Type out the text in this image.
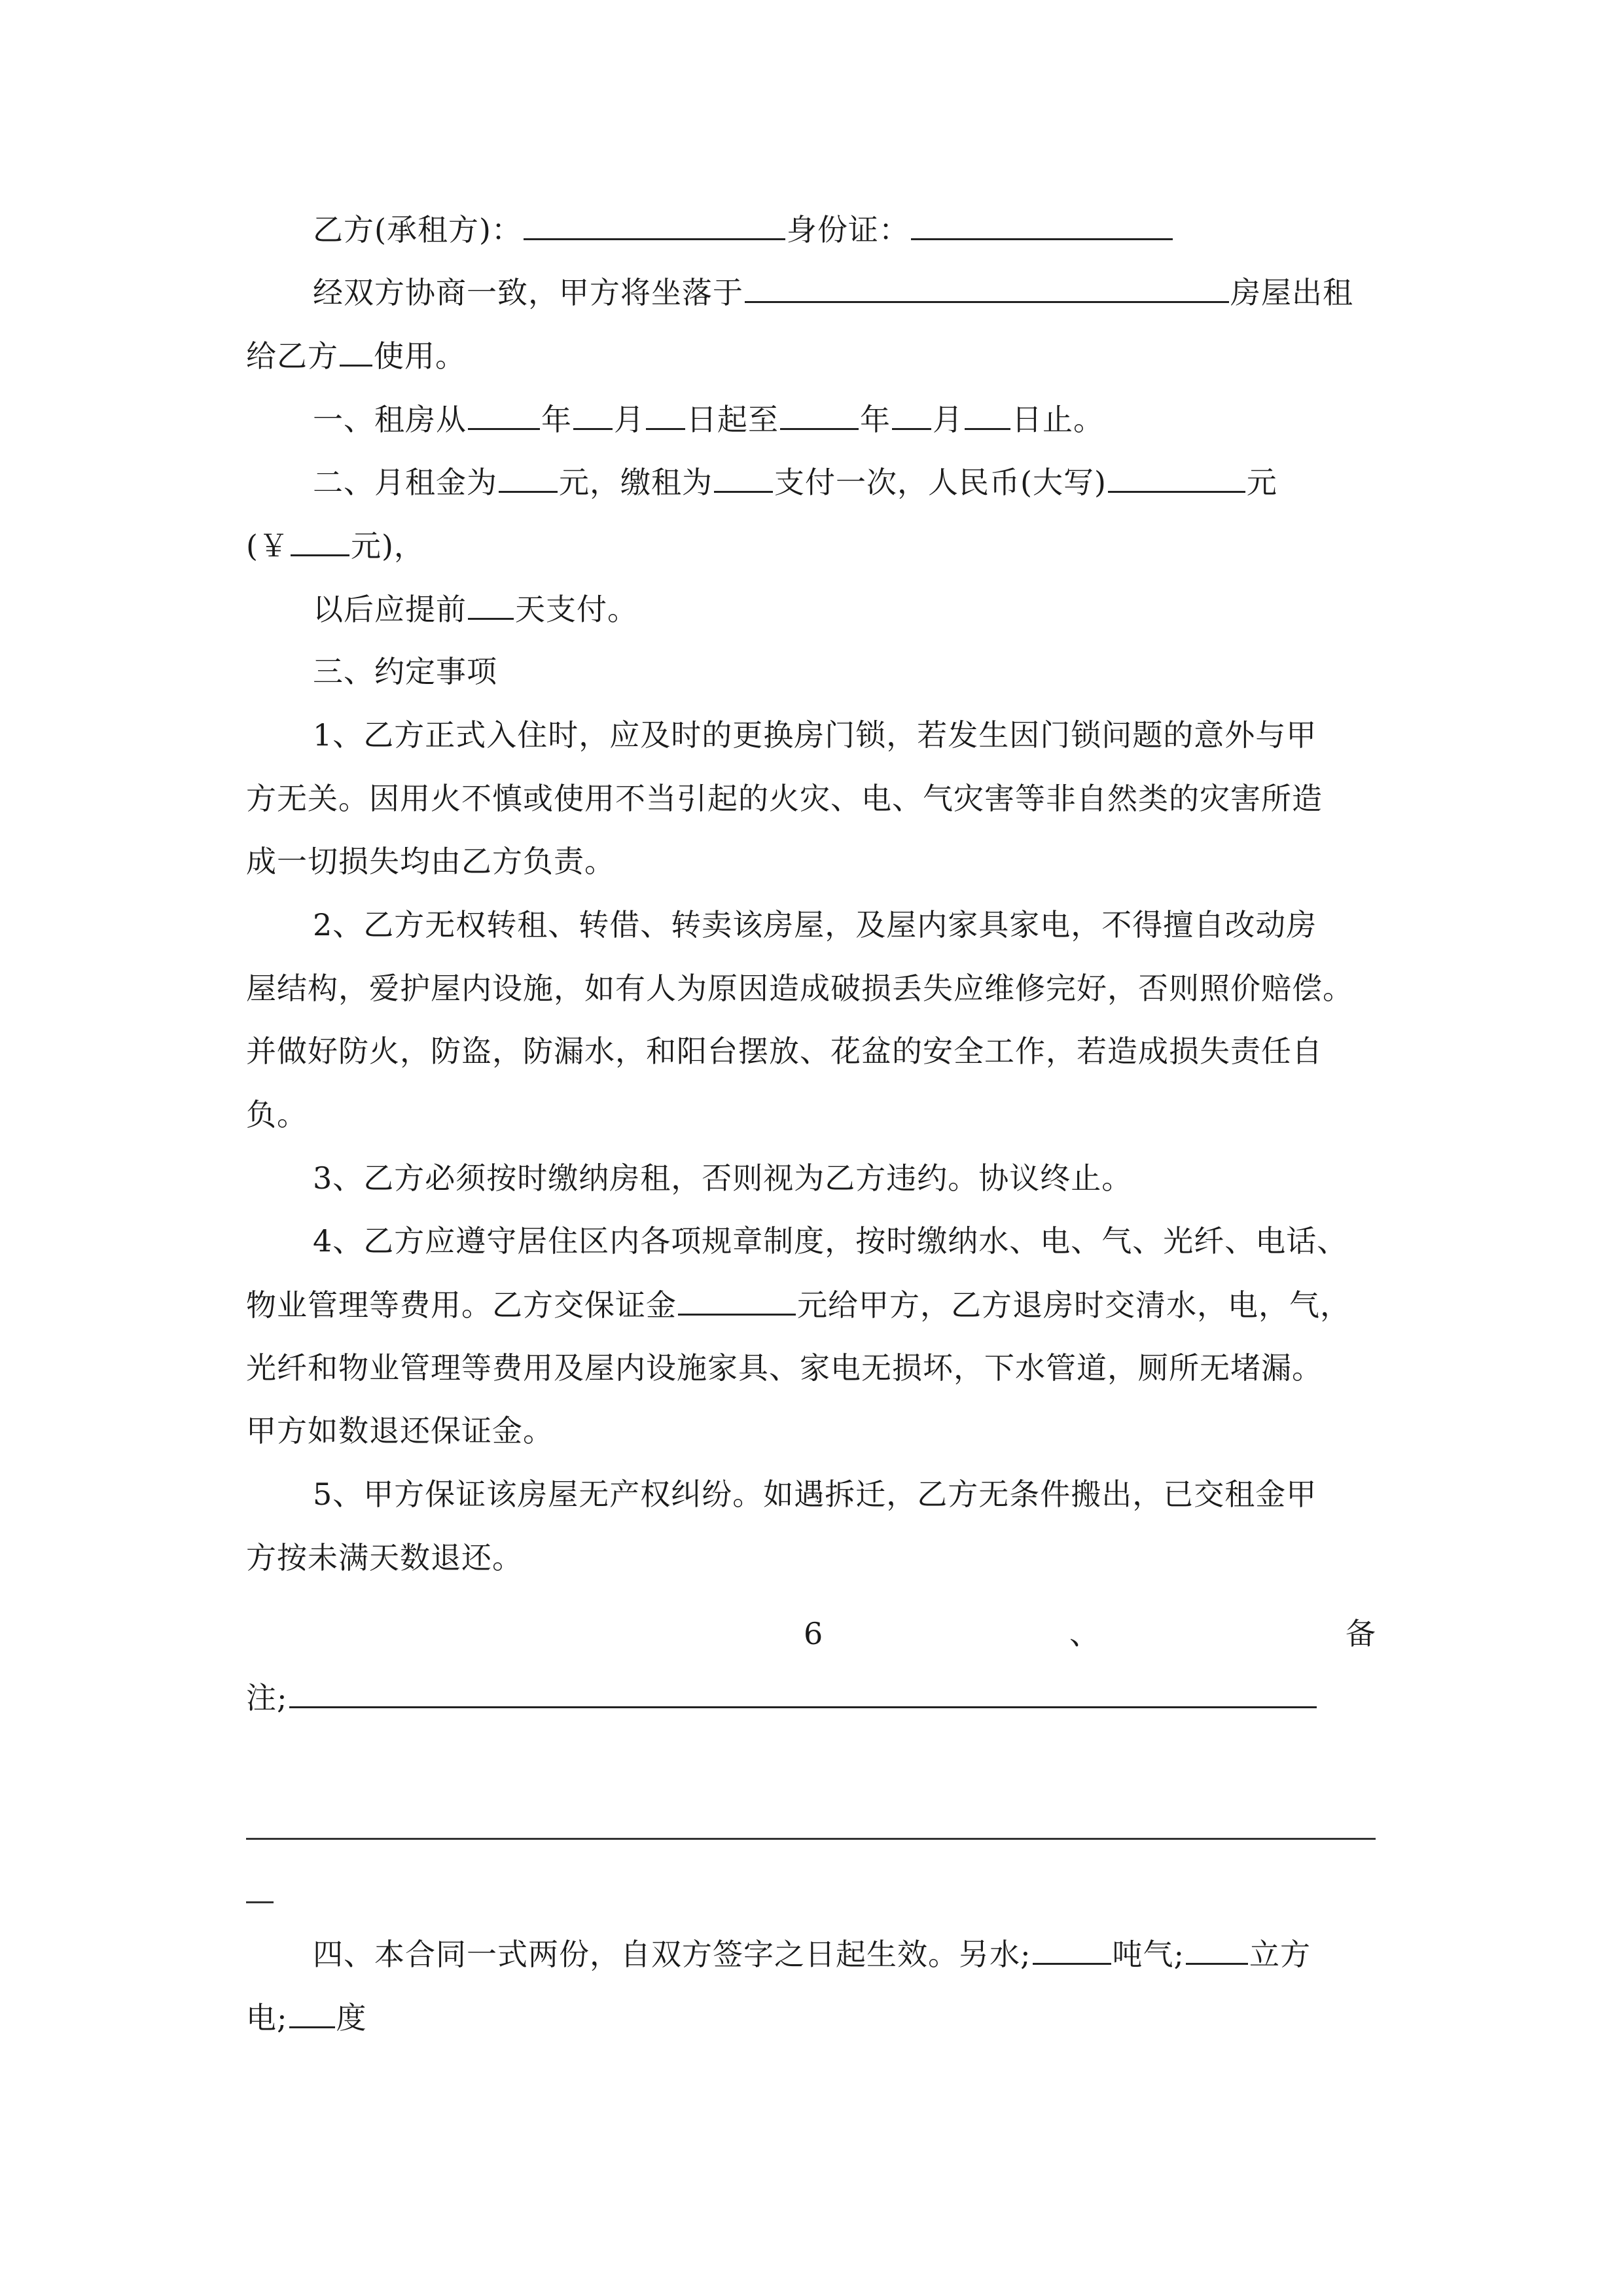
乙方(承租方)：	身份证：
经双方协商一致，甲方将坐落于	房屋出租
给乙方 使用。
一、租房从 年 月 日起至	年 月 日止。
二、月租金为 元，缴租为 支付一次，人民币(大写)	元
(￥ 元)，
以后应提前 天支付。
三、约定事项
1、乙方正式入住时，应及时的更换房门锁，若发生因门锁问题的意外与甲
方无关。因用火不慎或使用不当引起的火灾、电、气灾害等非自然类的灾害所造
成一切损失均由乙方负责。
2、乙方无权转租、转借、转卖该房屋，及屋内家具家电，不得擅自改动房
屋结构，爱护屋内设施，如有人为原因造成破损丢失应维修完好，否则照价赔偿。
并做好防火，防盗，防漏水，和阳台摆放、花盆的安全工作，若造成损失责任自
负。
3、乙方必须按时缴纳房租，否则视为乙方违约。协议终止。
4、乙方应遵守居住区内各项规章制度，按时缴纳水、电、气、光纤、电话、
物业管理等费用。乙方交保证金	元给甲方，乙方退房时交清水，电，气，
光纤和物业管理等费用及屋内设施家具、家电无损坏，下水管道，厕所无堵漏。
甲方如数退还保证金。
5、甲方保证该房屋无产权纠纷。如遇拆迁，乙方无条件搬出，已交租金甲
方按未满天数退还。
6	、	备
注;
四、本合同一式两份，自双方签字之日起生效。另水;	吨气; 立方
电; 度
